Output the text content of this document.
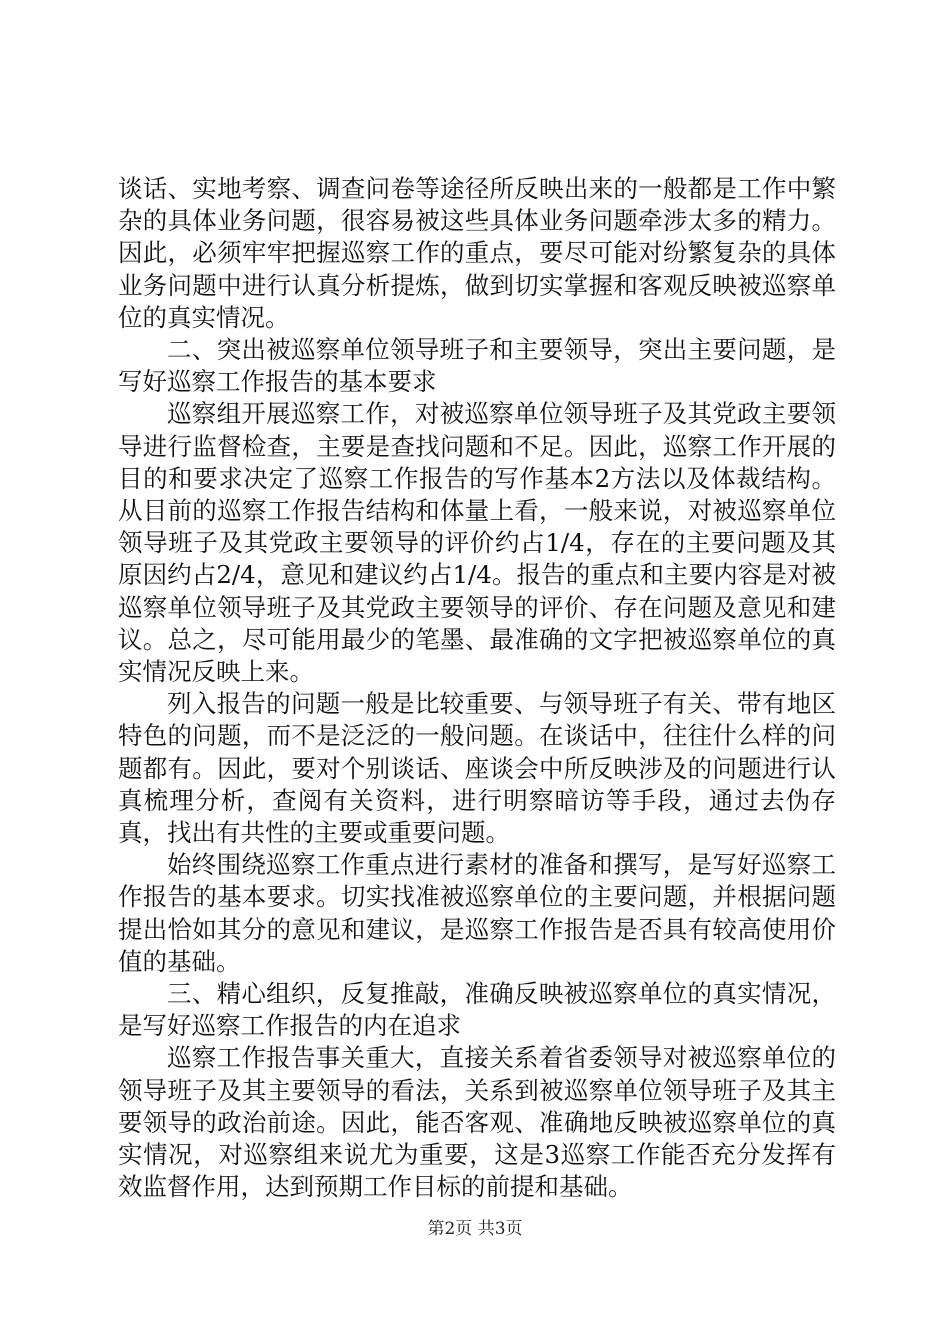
谈话、实地考察、调查问卷等途径所反映出来的一般都是工作中繁杂的具体业务问题，很容易被这些具体业务问题牵涉太多的精力。因此，必须牢牢把握巡察工作的重点，要尽可能对纷繁复杂的具体业务问题中进行认真分析提炼，做到切实掌握和客观反映被巡察单位的真实情况。

二、突出被巡察单位领导班子和主要领导，突出主要问题，是写好巡察工作报告的基本要求

巡察组开展巡察工作，对被巡察单位领导班子及其党政主要领导进行监督检查，主要是查找问题和不足。因此，巡察工作开展的目的和要求决定了巡察工作报告的写作基本2方法以及体裁结构。从目前的巡察工作报告结构和体量上看，一般来说，对被巡察单位领导班子及其党政主要领导的评价约占1/4，存在的主要问题及其原因约占2/4，意见和建议约占1/4。报告的重点和主要内容是对被巡察单位领导班子及其党政主要领导的评价、存在问题及意见和建议。总之，尽可能用最少的笔墨、最准确的文字把被巡察单位的真实情况反映上来。

列入报告的问题一般是比较重要、与领导班子有关、带有地区特色的问题，而不是泛泛的一般问题。在谈话中，往往什么样的问题都有。因此，要对个别谈话、座谈会中所反映涉及的问题进行认真梳理分析，查阅有关资料，进行明察暗访等手段，通过去伪存真，找出有共性的主要或重要问题。

始终围绕巡察工作重点进行素材的准备和撰写，是写好巡察工作报告的基本要求。切实找准被巡察单位的主要问题，并根据问题提出恰如其分的意见和建议，是巡察工作报告是否具有较高使用价值的基础。

三、精心组织，反复推敲，准确反映被巡察单位的真实情况，是写好巡察工作报告的内在追求

巡察工作报告事关重大，直接关系着省委领导对被巡察单位的领导班子及其主要领导的看法，关系到被巡察单位领导班子及其主要领导的政治前途。因此，能否客观、准确地反映被巡察单位的真实情况，对巡察组来说尤为重要，这是3巡察工作能否充分发挥有效监督作用，达到预期工作目标的前提和基础。

第2页 共3页
